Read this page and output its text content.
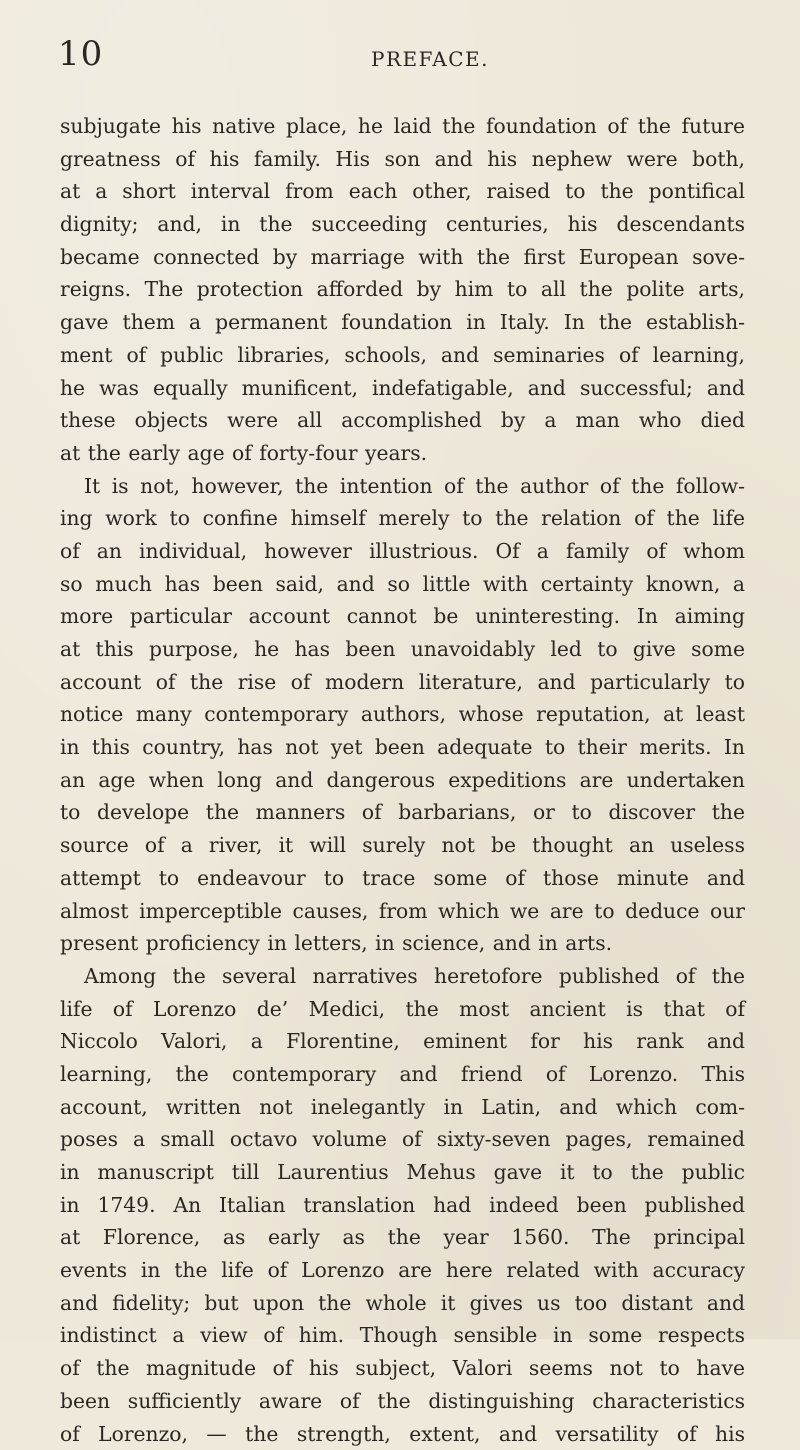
10	PREFACE.
subjugate his native place, he laid the foundation of the future
greatness of his family. His son and his nephew were both,
at a short interval from each other, raised to the pontifical
dignity; and, in the succeeding centuries, his descendants
became connected by marriage with the first European sove-
reigns. The protection afforded by him to all the polite arts,
gave them a permanent foundation in Italy. In the establish-
ment of public libraries, schools, and seminaries of learning,
he was equally munificent, indefatigable, and successful; and
these objects were all accomplished by a man who died
at the early age of forty-four years.
It is not, however, the intention of the author of the follow-
ing work to confine himself merely to the relation of the life
of an individual, however illustrious. Of a family of whom
so much has been said, and so little with certainty known, a
more particular account cannot be uninteresting. In aiming
at this purpose, he has been unavoidably led to give some
account of the rise of modern literature, and particularly to
notice many contemporary authors, whose reputation, at least
in this country, has not yet been adequate to their merits. In
an age when long and dangerous expeditions are undertaken
to develope the manners of barbarians, or to discover the
source of a river, it will surely not be thought an useless
attempt to endeavour to trace some of those minute and
almost imperceptible causes, from which we are to deduce our
present proficiency in letters, in science, and in arts.
Among the several narratives heretofore published of the
life of Lorenzo de’ Medici, the most ancient is that of
Niccolo Valori, a Florentine, eminent for his rank and
learning, the contemporary and friend of Lorenzo. This
account, written not inelegantly in Latin, and which com-
poses a small octavo volume of sixty-seven pages, remained
in manuscript till Laurentius Mehus gave it to the public
in 1749. An Italian translation had indeed been published
at Florence, as early as the year 1560. The principal
events in the life of Lorenzo are here related with accuracy
and fidelity; but upon the whole it gives us too distant and
indistinct a view of him. Though sensible in some respects
of the magnitude of his subject, Valori seems not to have
been sufficiently aware of the distinguishing characteristics
of Lorenzo, — the strength, extent, and versatility of his
